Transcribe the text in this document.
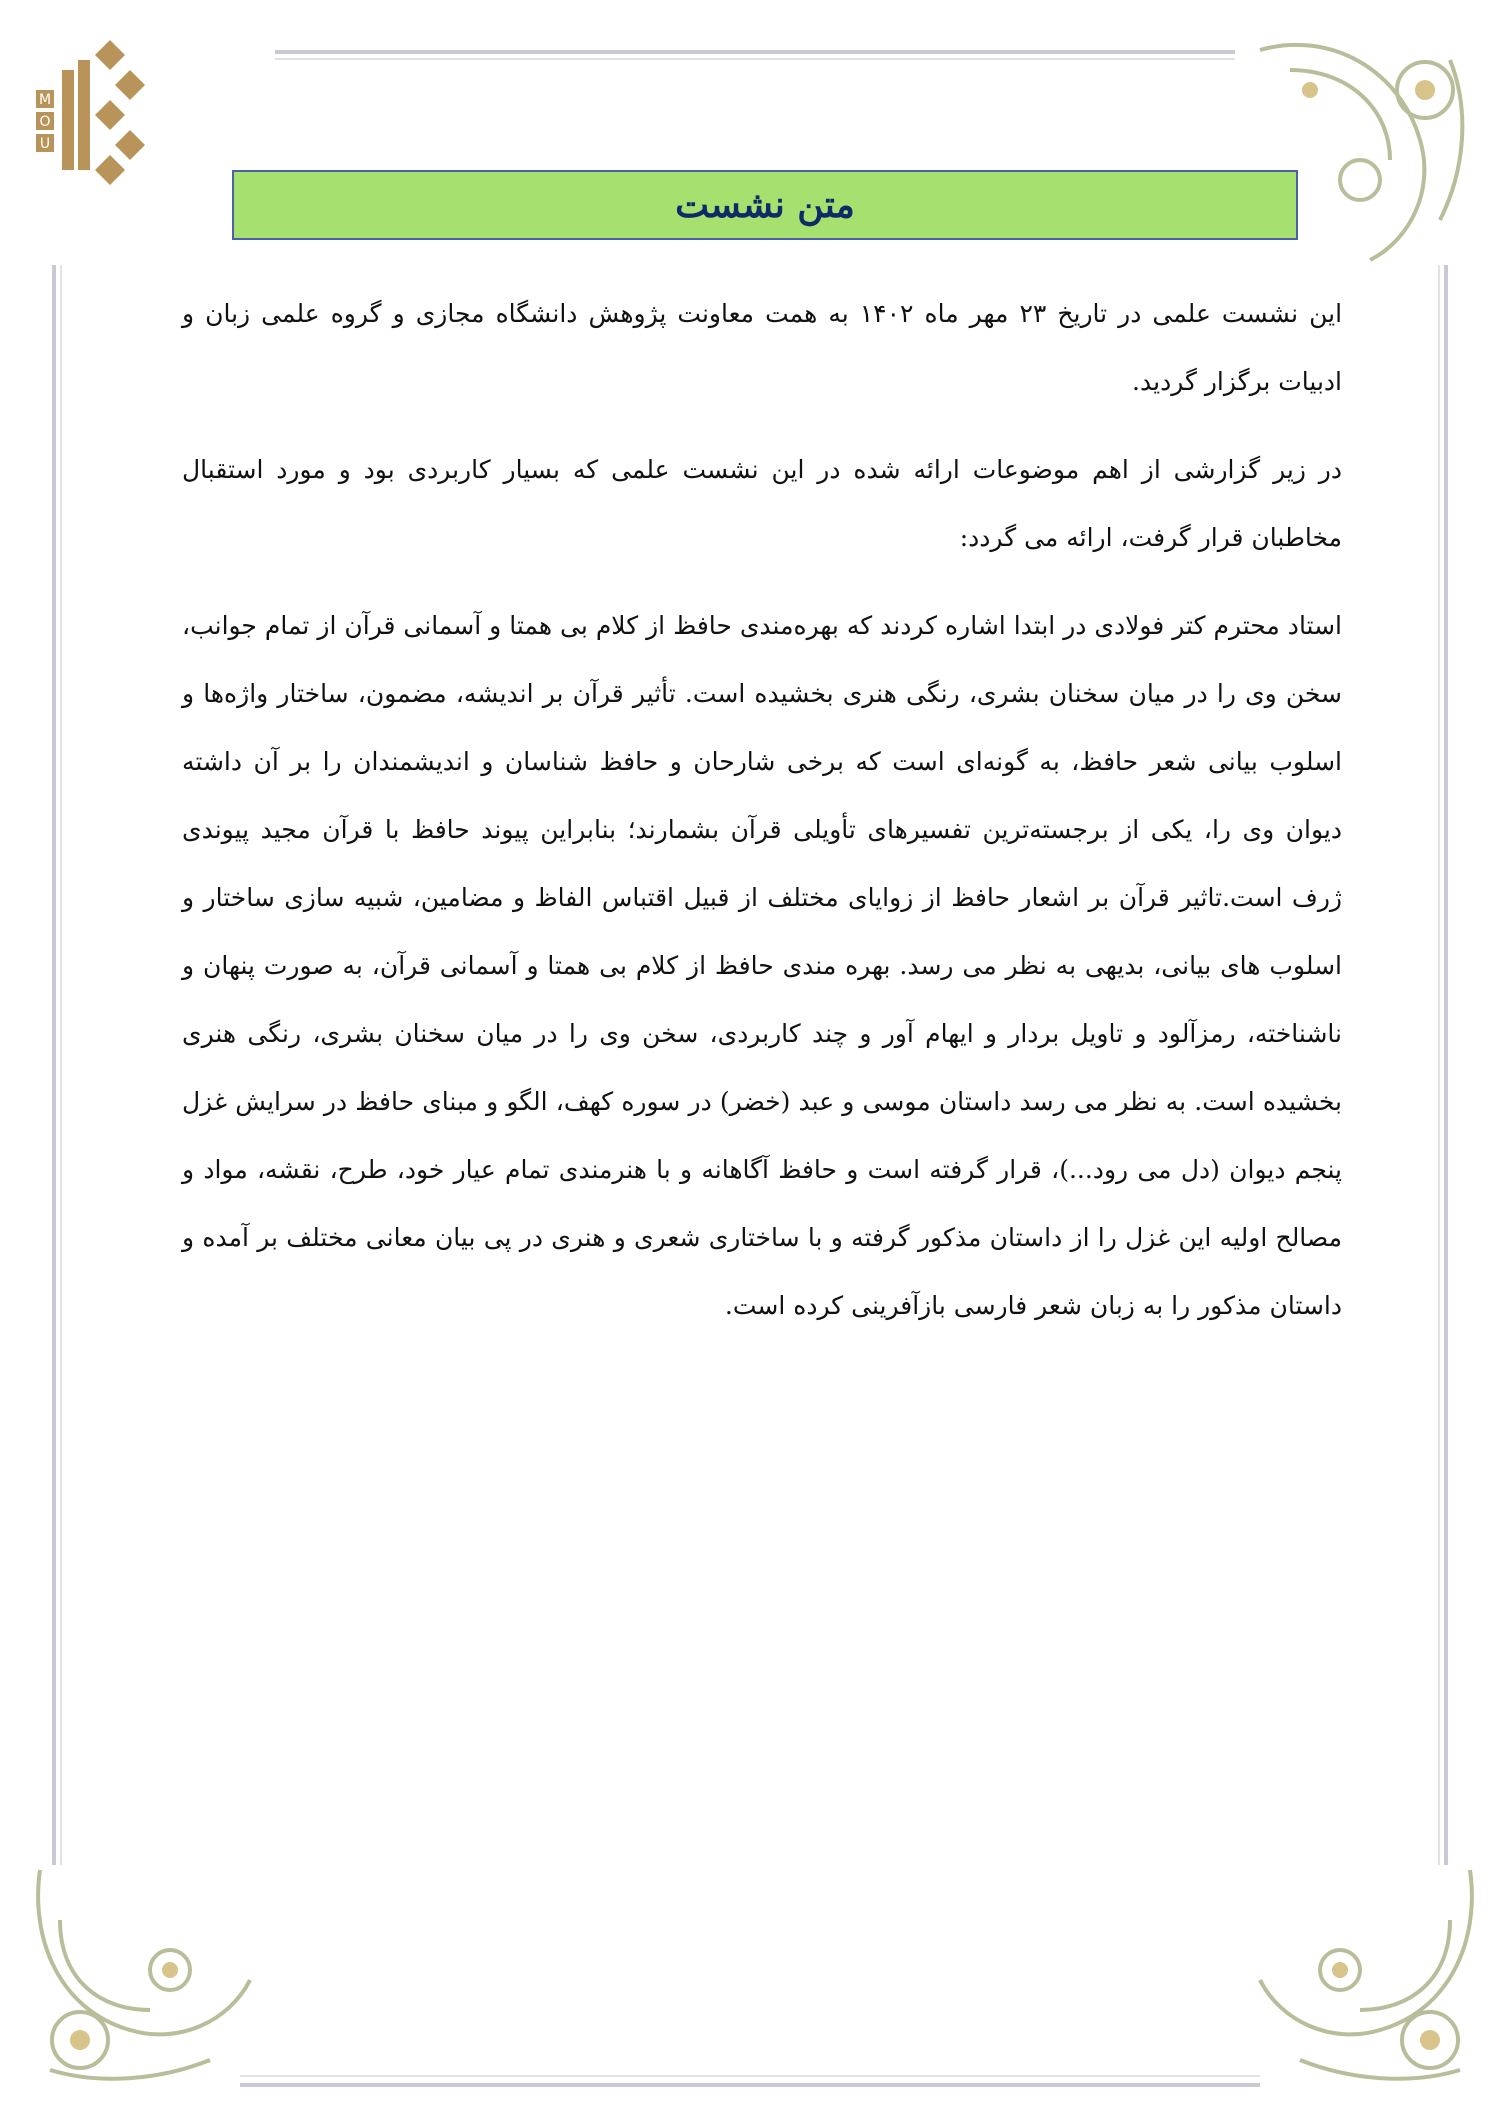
M
O
U
متن نشست

این نشست علمی در تاریخ ۲۳ مهر ماه ۱۴۰۲ به همت معاونت پژوهش دانشگاه مجازی و گروه علمی زبان و ادبیات برگزار گردید.

در زیر گزارشی از اهم موضوعات ارائه شده در این نشست علمی که بسیار کاربردی بود و مورد استقبال مخاطبان قرار گرفت، ارائه می گردد:

استاد محترم کتر فولادی در ابتدا اشاره کردند که بهره‌مندی حافظ از کلام بی همتا و آسمانی قرآن از تمام جوانب، سخن وی را در میان سخنان بشری، رنگی هنری بخشیده است. تأثیر قرآن بر اندیشه، مضمون، ساختار واژه‌ها و اسلوب بیانی شعر حافظ، به گونه‌ای است که برخی شارحان و حافظ شناسان و اندیشمندان را بر آن داشته دیوان وی را، یکی از برجسته‌ترین تفسیرهای تأویلی قرآن بشمارند؛ بنابراین پیوند حافظ با قرآن مجید پیوندی ژرف است.تاثیر قرآن بر اشعار حافظ از زوایای مختلف از قبیل اقتباس الفاظ و مضامین، شبیه سازی ساختار و اسلوب های بیانی، بدیهی به نظر می رسد. بهره مندی حافظ از کلام بی همتا و آسمانی قرآن، به صورت پنهان و ناشناخته، رمزآلود و تاویل بردار و ایهام آور و چند کاربردی، سخن وی را در میان سخنان بشری، رنگی هنری بخشیده است. به نظر می رسد داستان موسی و عبد (خضر) در سوره کهف، الگو و مبنای حافظ در سرایش غزل پنجم دیوان (دل می رود...)، قرار گرفته است و حافظ آگاهانه و با هنرمندی تمام عیار خود، طرح، نقشه، مواد و مصالح اولیه این غزل را از داستان مذکور گرفته و با ساختاری شعری و هنری در پی بیان معانی مختلف بر آمده و داستان مذکور را به زبان شعر فارسی بازآفرینی کرده است.
